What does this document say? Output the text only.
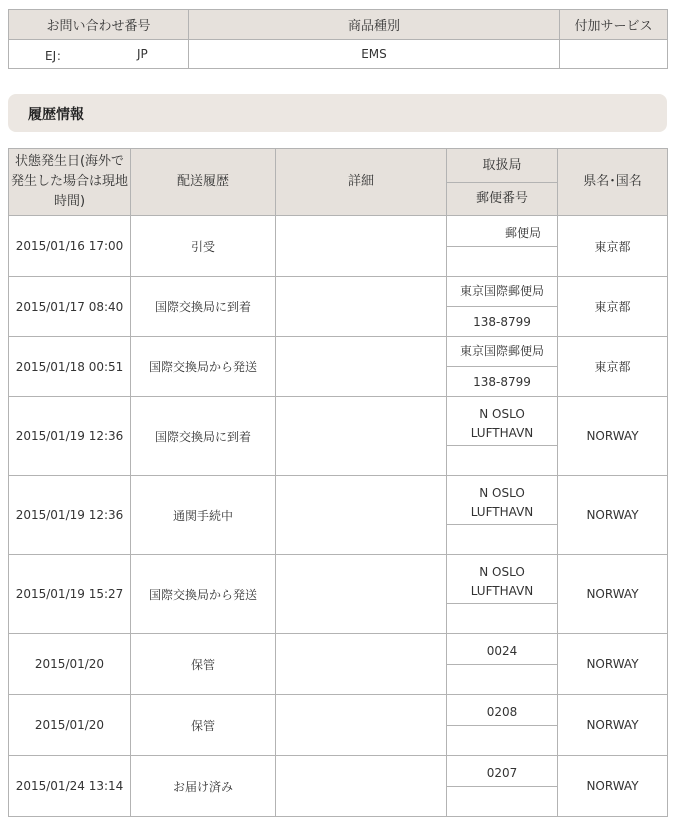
お問い合わせ番号	商品種別	付加サービス

EJ： JP	EMS	
履歴情報
状態発生日(海外で発生した場合は現地時間)	配送履歴	詳細	取扱局	県名･国名
			郵便番号	
2015/01/16 17:00	引受		郵便局	東京都

2015/01/17 08:40	国際交換局に到着		東京国際郵便局	東京都
			138-8799	
2015/01/18 00:51	国際交換局から発送		東京国際郵便局	東京都
			138-8799	
2015/01/19 12:36	国際交換局に到着		N OSLO LUFTHAVN	NORWAY

2015/01/19 12:36	通関手続中		N OSLO LUFTHAVN	NORWAY

2015/01/19 15:27	国際交換局から発送		N OSLO LUFTHAVN	NORWAY

2015/01/20	保管		0024	NORWAY

2015/01/20	保管		0208	NORWAY

2015/01/24 13:14	お届け済み		0207	NORWAY
